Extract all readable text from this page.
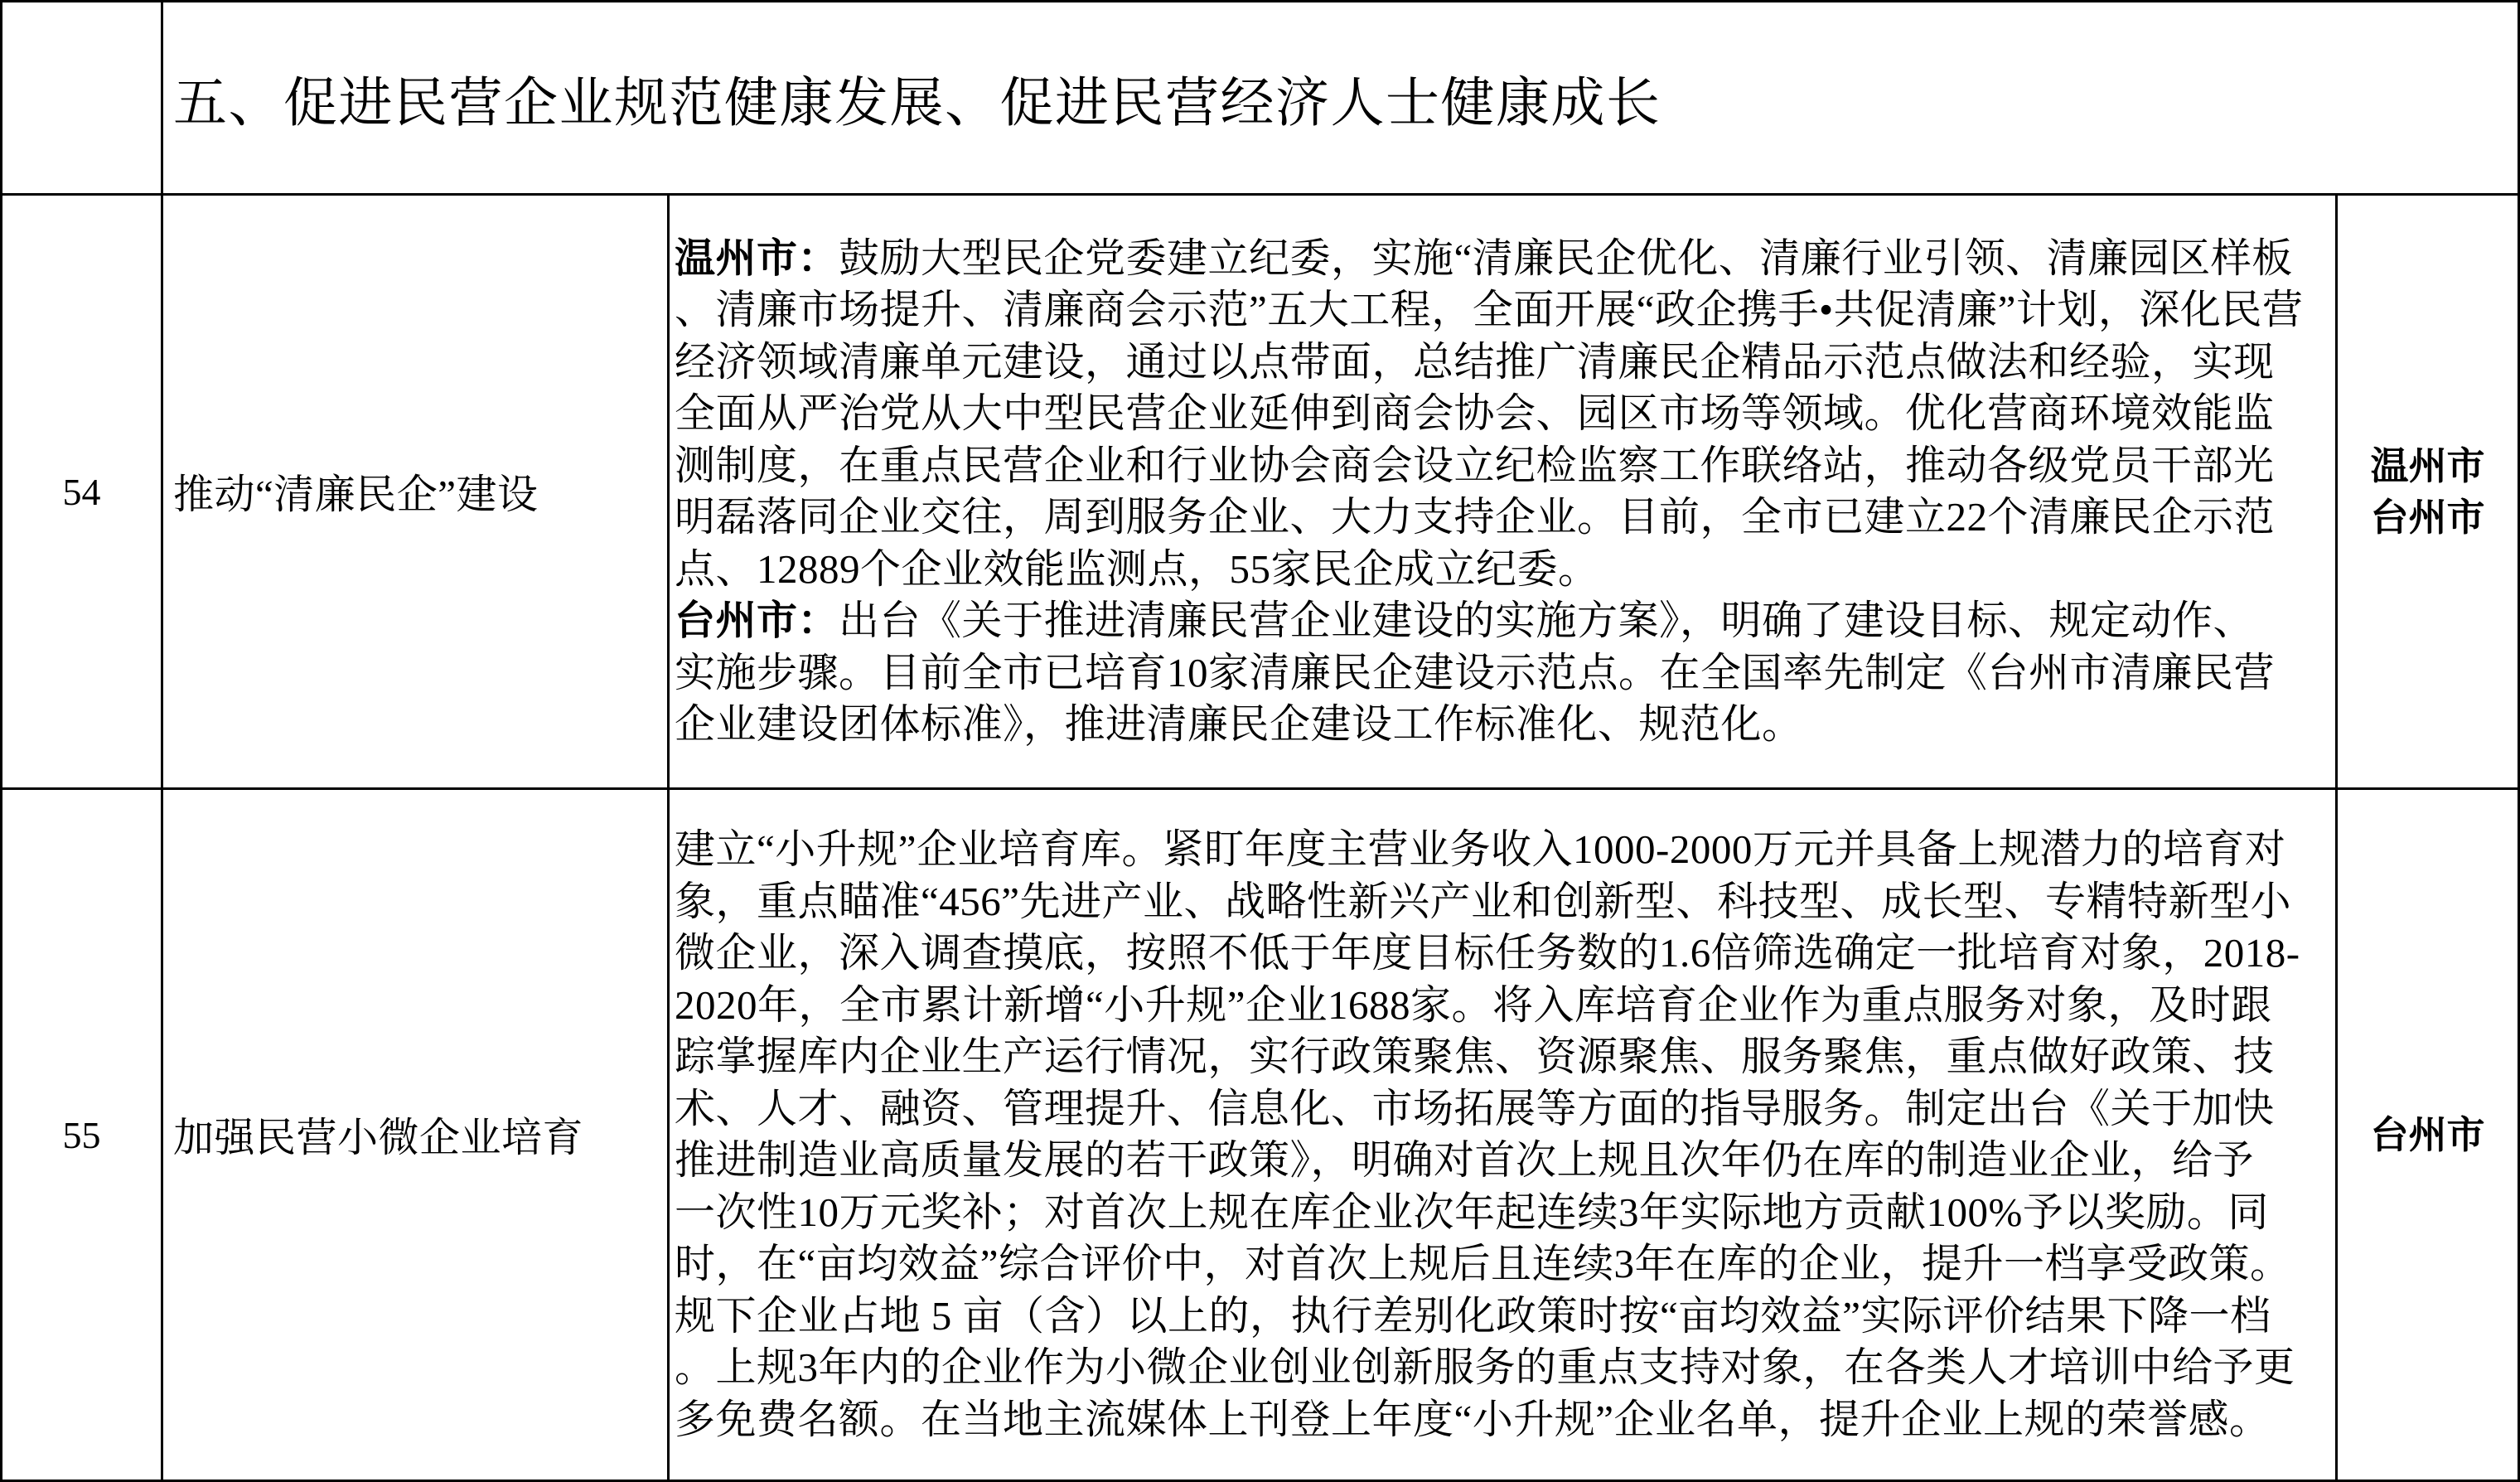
五、促进民营企业规范健康发展、促进民营经济人士健康成长
54 推动“清廉民企”建设
温州市：鼓励大型民企党委建立纪委，实施“清廉民企优化、清廉行业引领、清廉园区样板
、清廉市场提升、清廉商会示范”五大工程，全面开展“政企携手•共促清廉”计划，深化民营
经济领域清廉单元建设，通过以点带面，总结推广清廉民企精品示范点做法和经验，实现
全面从严治党从大中型民营企业延伸到商会协会、园区市场等领域。优化营商环境效能监
测制度，在重点民营企业和行业协会商会设立纪检监察工作联络站，推动各级党员干部光
明磊落同企业交往，周到服务企业、大力支持企业。目前，全市已建立22个清廉民企示范
点、12889个企业效能监测点，55家民企成立纪委。
台州市：出台《关于推进清廉民营企业建设的实施方案》，明确了建设目标、规定动作、
实施步骤。目前全市已培育10家清廉民企建设示范点。在全国率先制定《台州市清廉民营
企业建设团体标准》，推进清廉民企建设工作标准化、规范化。
温州市
台州市
55 加强民营小微企业培育
建立“小升规”企业培育库。紧盯年度主营业务收入1000-2000万元并具备上规潜力的培育对
象，重点瞄准“456”先进产业、战略性新兴产业和创新型、科技型、成长型、专精特新型小
微企业，深入调查摸底，按照不低于年度目标任务数的1.6倍筛选确定一批培育对象，2018-
2020年，全市累计新增“小升规”企业1688家。将入库培育企业作为重点服务对象，及时跟
踪掌握库内企业生产运行情况，实行政策聚焦、资源聚焦、服务聚焦，重点做好政策、技
术、人才、融资、管理提升、信息化、市场拓展等方面的指导服务。制定出台《关于加快
推进制造业高质量发展的若干政策》，明确对首次上规且次年仍在库的制造业企业，给予
一次性10万元奖补；对首次上规在库企业次年起连续3年实际地方贡献100%予以奖励。同
时，在“亩均效益”综合评价中，对首次上规后且连续3年在库的企业，提升一档享受政策。
规下企业占地 5 亩（含）以上的，执行差别化政策时按“亩均效益”实际评价结果下降一档
。上规3年内的企业作为小微企业创业创新服务的重点支持对象，在各类人才培训中给予更
多免费名额。在当地主流媒体上刊登上年度“小升规”企业名单，提升企业上规的荣誉感。
台州市
